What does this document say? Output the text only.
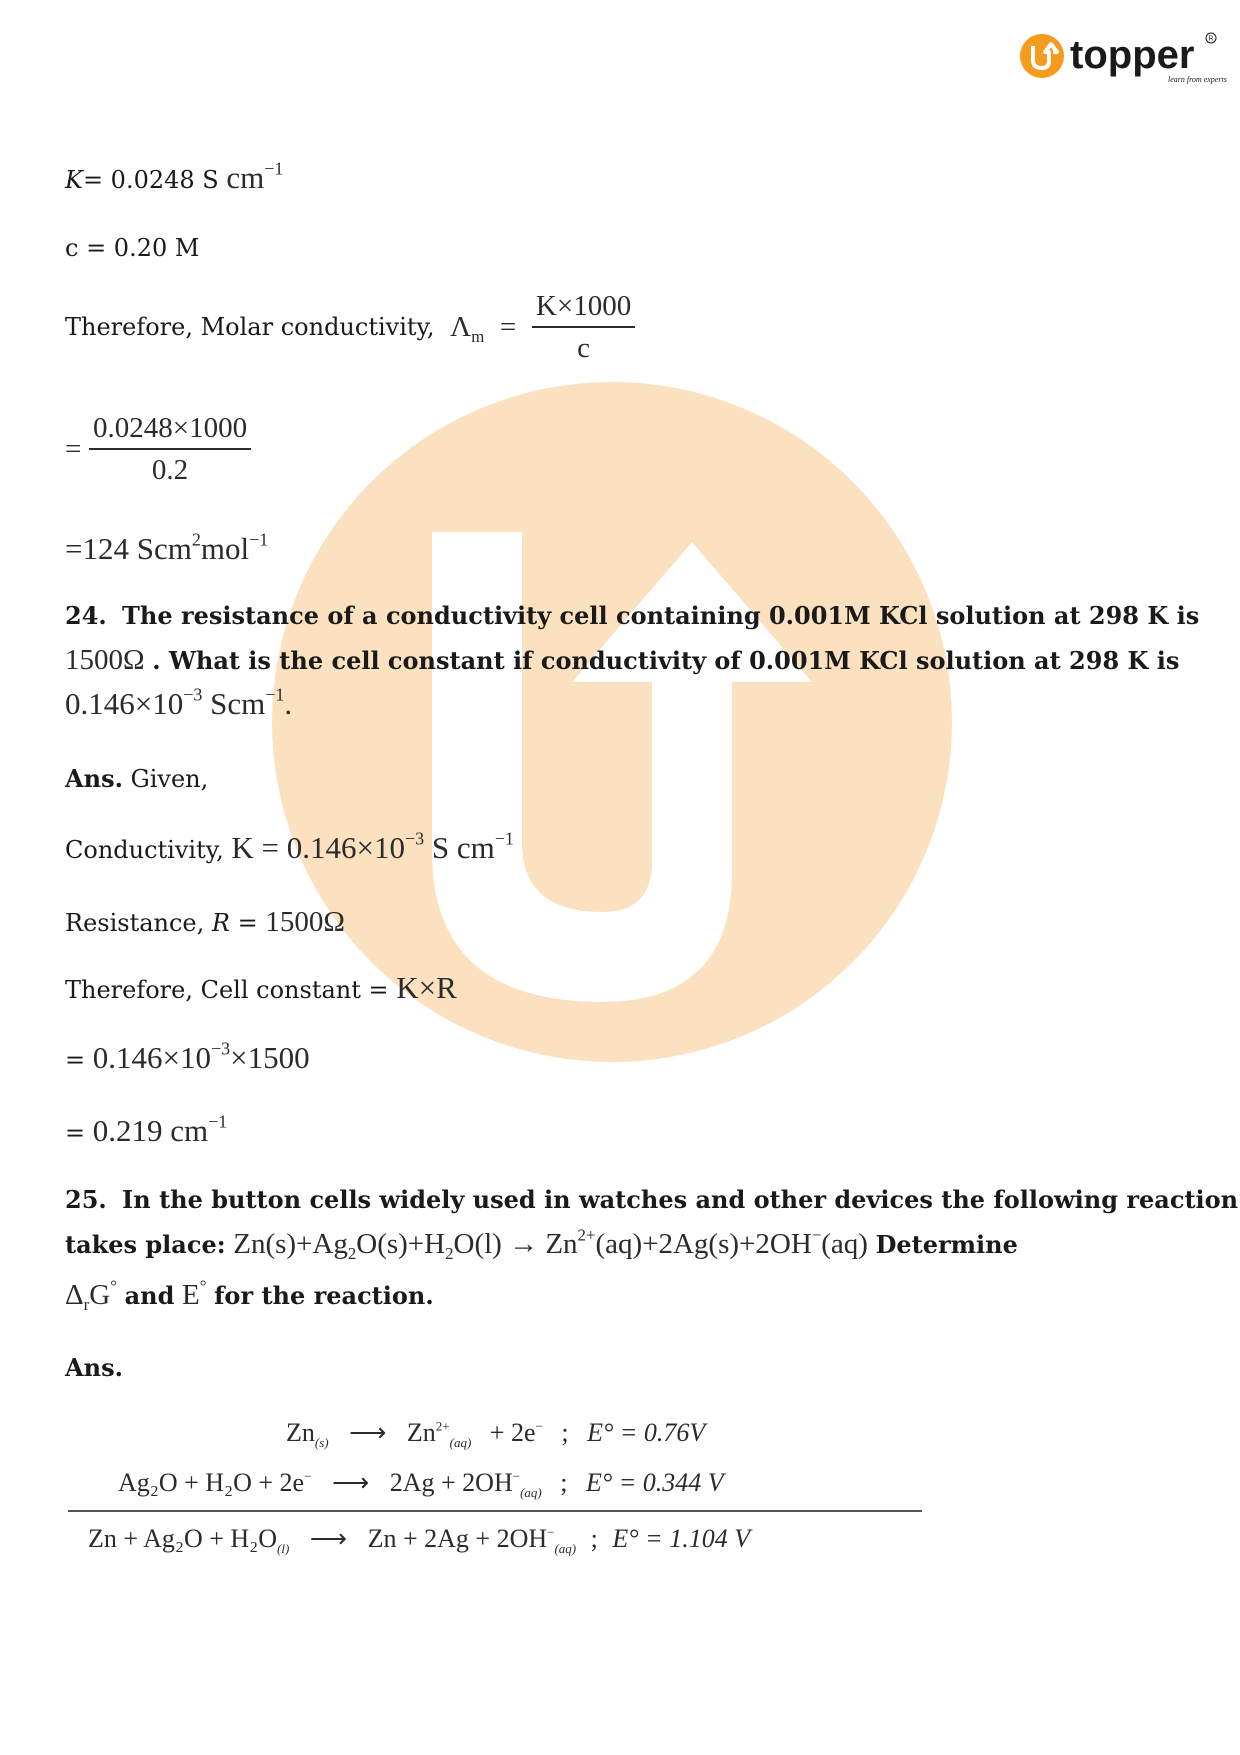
topper
learn from experts
R
K= 0.0248 S $cm^{-1}$
c = 0.20 M
Therefore, Molar conductivity, $\Lambda_m = \frac{K\times 1000}{c}$
= $\frac{0.0248\times 1000}{0.2}$
=124 Scm$^2$mol$^{-1}$
24. The resistance of a conductivity cell containing 0.001M KCl solution at 298 K is
1500Ω . What is the cell constant if conductivity of 0.001M KCl solution at 298 K is
$0.146\times 10^{-3}$ Scm$^{-1}$.
Ans. Given,
Conductivity, $K = 0.146\times 10^{-3}$ S $cm^{-1}$
Resistance, R = 1500Ω
Therefore, Cell constant = K×R
= $0.146\times 10^{-3}\times 1500$
= 0.219 $cm^{-1}$
25. In the button cells widely used in watches and other devices the following reaction
takes place: $Zn(s)+Ag_2O(s)+H_2O(l) \to Zn^{2+}(aq)+2Ag(s)+2OH^-(aq)$ Determine
$\Delta_rG^\circ$ and E° for the reaction.
Ans.
$Zn_{(s)}$ ⟶ $Zn^{2+}_{(aq)} + 2e^-$ ; E° = 0.76V
Ag₂O + H₂O + 2e− ⟶ $2Ag + 2OH^-_{(aq)}$ ; E° = 0.344 V
$Zn + Ag_2O + H_2O_{(l)}$ ⟶ $Zn + 2Ag + 2OH^-_{(aq)}$ ; E° = 1.104 V
